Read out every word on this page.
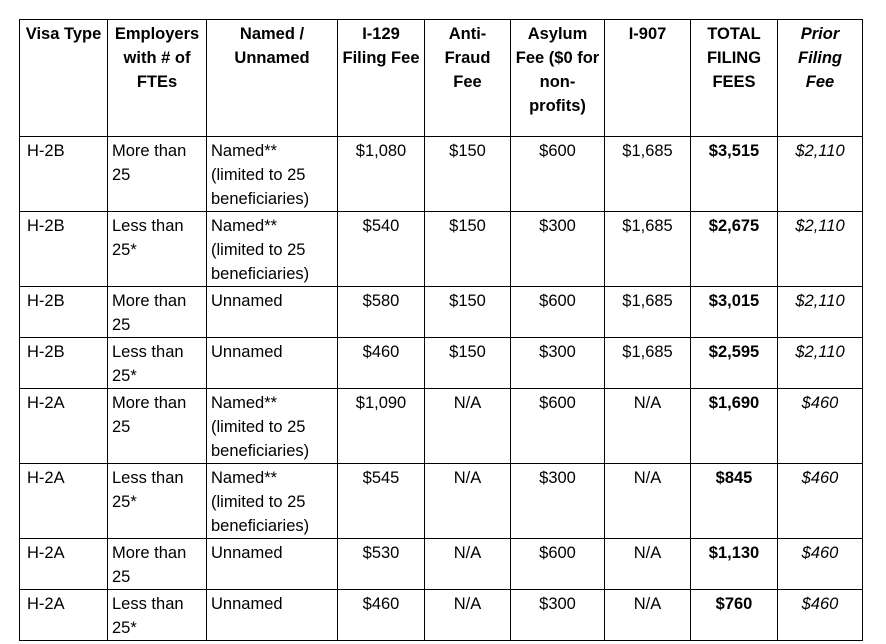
Visa Type	Employers with # of FTEs	Named / Unnamed	I-129 Filing Fee	Anti-Fraud Fee	Asylum Fee ($0 for non-profits)	I-907	TOTAL FILING FEES	Prior Filing Fee
H-2B	More than 25	Named** (limited to 25 beneficiaries)	$1,080	$150	$600	$1,685	$3,515	$2,110
H-2B	Less than 25*	Named** (limited to 25 beneficiaries)	$540	$150	$300	$1,685	$2,675	$2,110
H-2B	More than 25	Unnamed	$580	$150	$600	$1,685	$3,015	$2,110
H-2B	Less than 25*	Unnamed	$460	$150	$300	$1,685	$2,595	$2,110
H-2A	More than 25	Named** (limited to 25 beneficiaries)	$1,090	N/A	$600	N/A	$1,690	$460
H-2A	Less than 25*	Named** (limited to 25 beneficiaries)	$545	N/A	$300	N/A	$845	$460
H-2A	More than 25	Unnamed	$530	N/A	$600	N/A	$1,130	$460
H-2A	Less than 25*	Unnamed	$460	N/A	$300	N/A	$760	$460
